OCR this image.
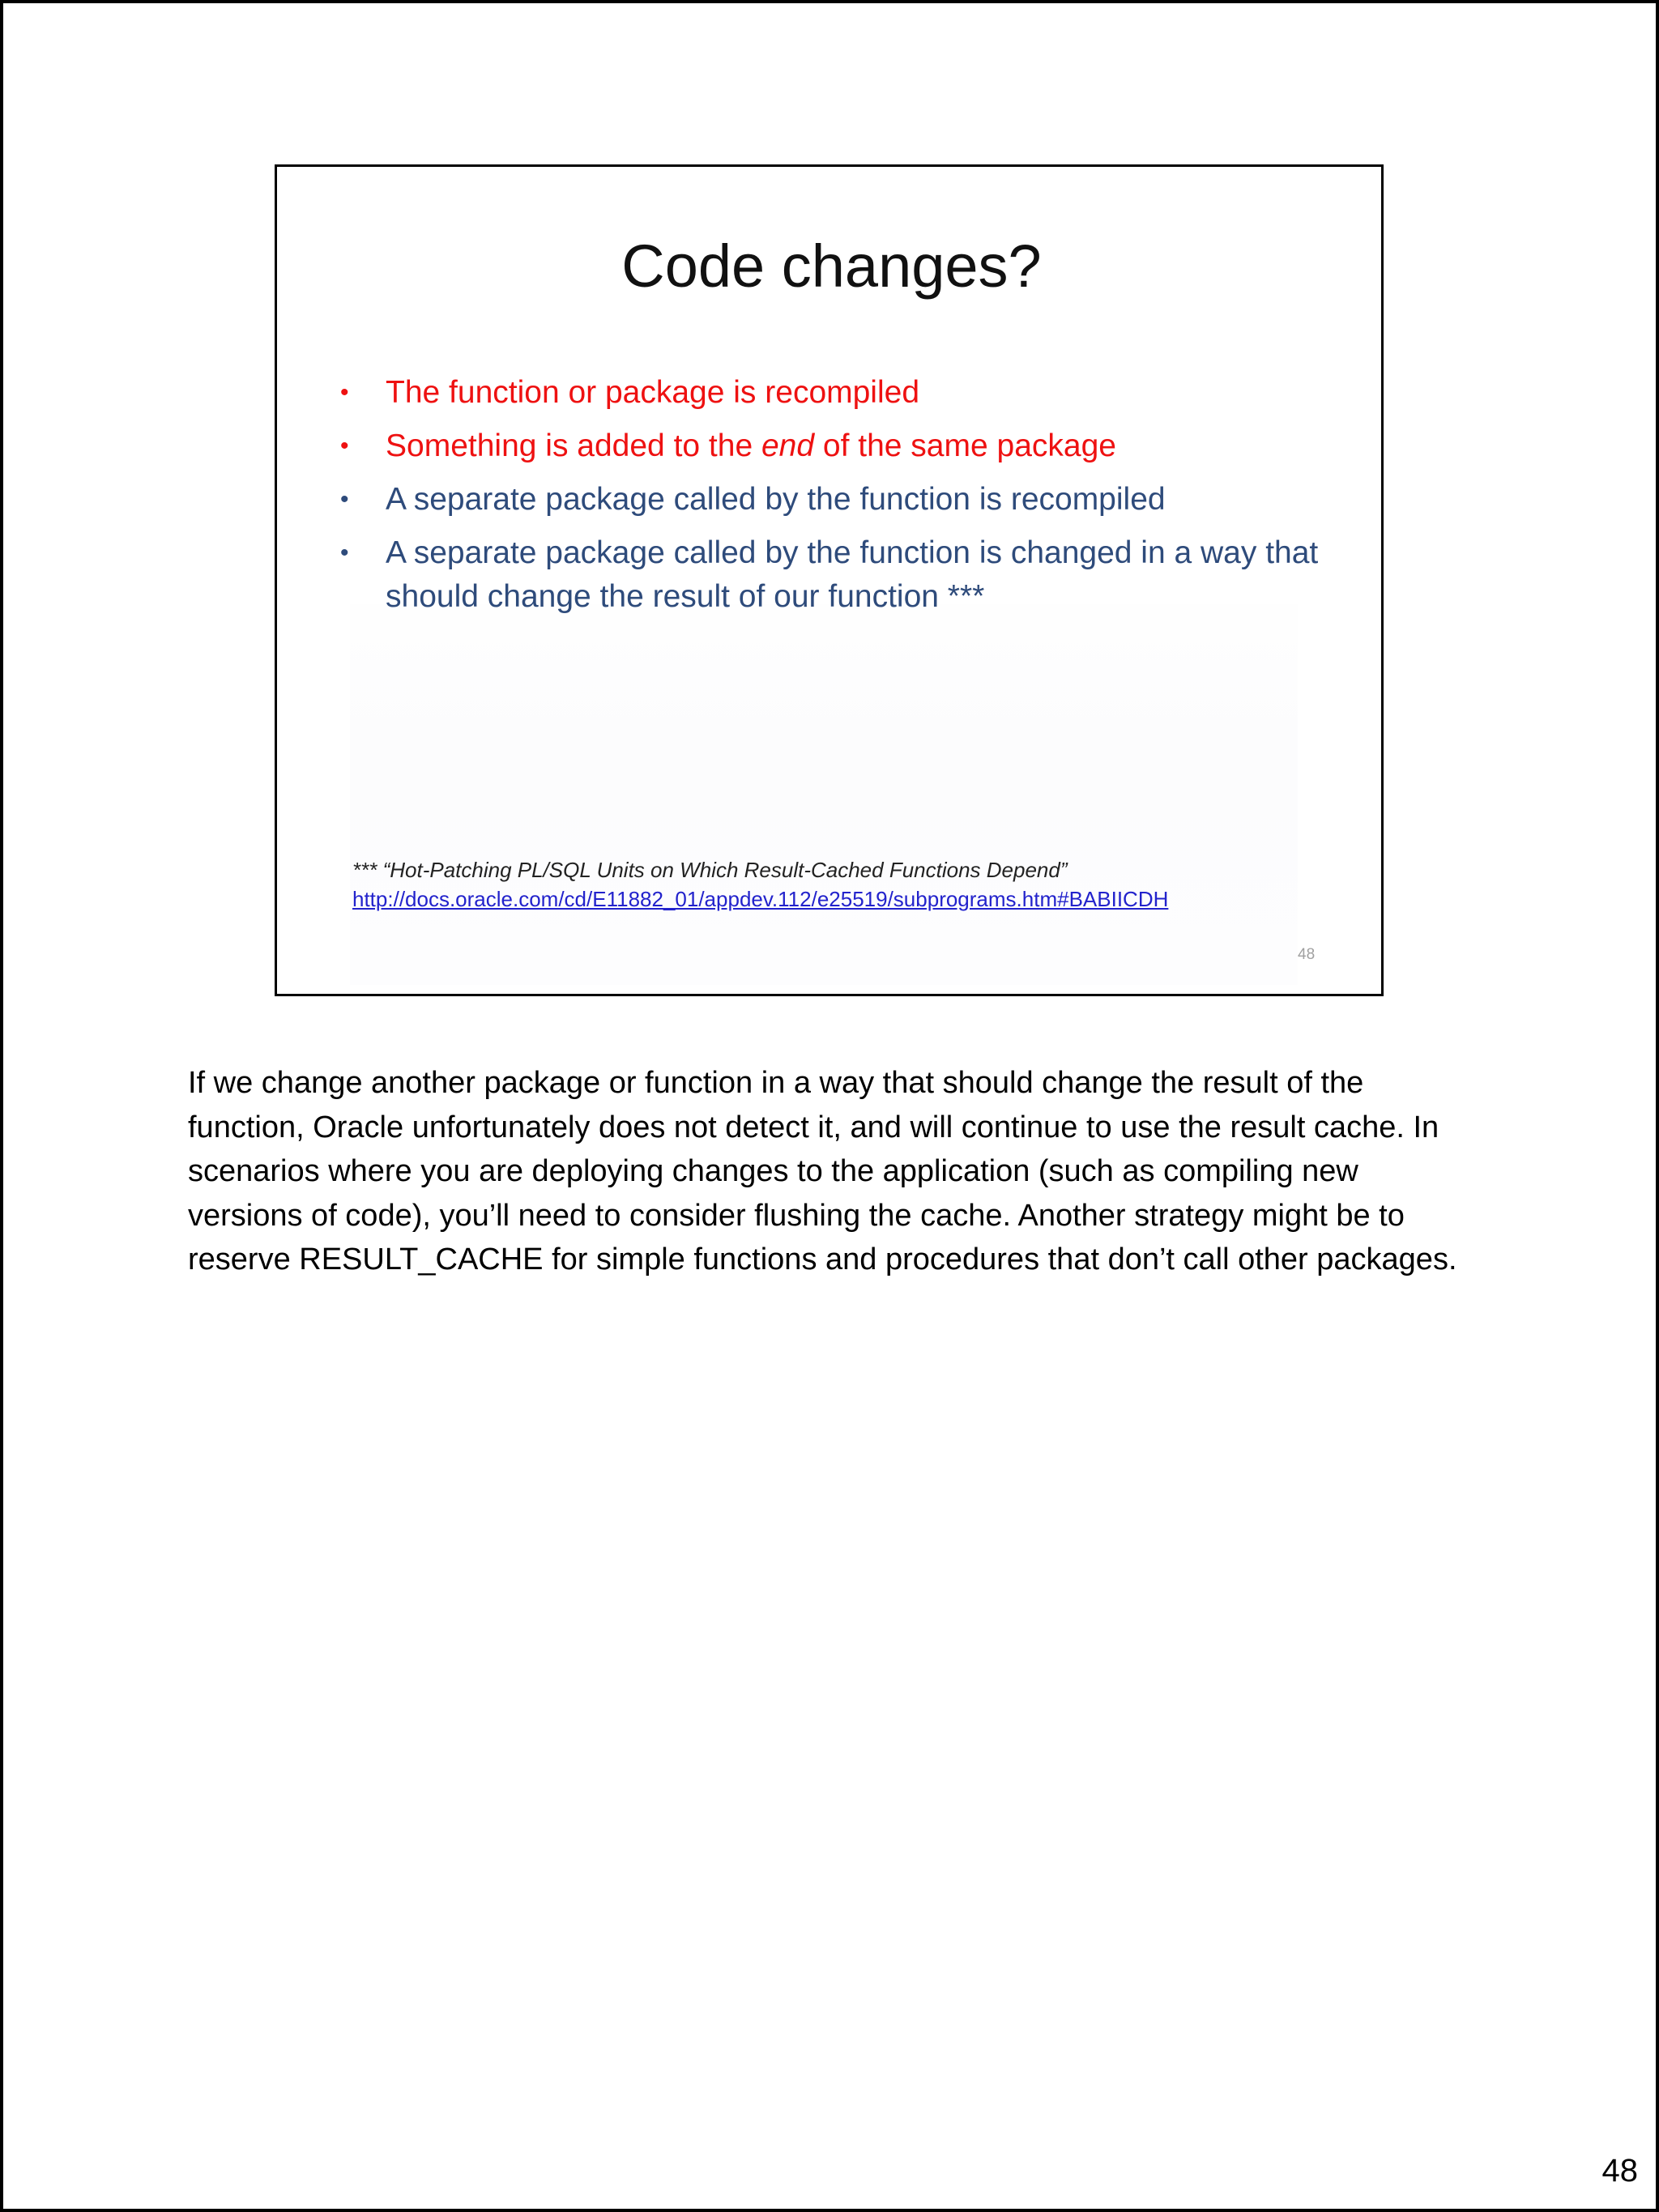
Code changes?
• The function or package is recompiled
• Something is added to the end of the same package
• A separate package called by the function is recompiled
• A separate package called by the function is changed in a way that should change the result of our function ***
*** “Hot-Patching PL/SQL Units on Which Result-Cached Functions Depend”
http://docs.oracle.com/cd/E11882_01/appdev.112/e25519/subprograms.htm#BABIICDH
48
If we change another package or function in a way that should change the result of the function, Oracle unfortunately does not detect it, and will continue to use the result cache. In scenarios where you are deploying changes to the application (such as compiling new versions of code), you’ll need to consider flushing the cache. Another strategy might be to reserve RESULT_CACHE for simple functions and procedures that don’t call other packages.
48
